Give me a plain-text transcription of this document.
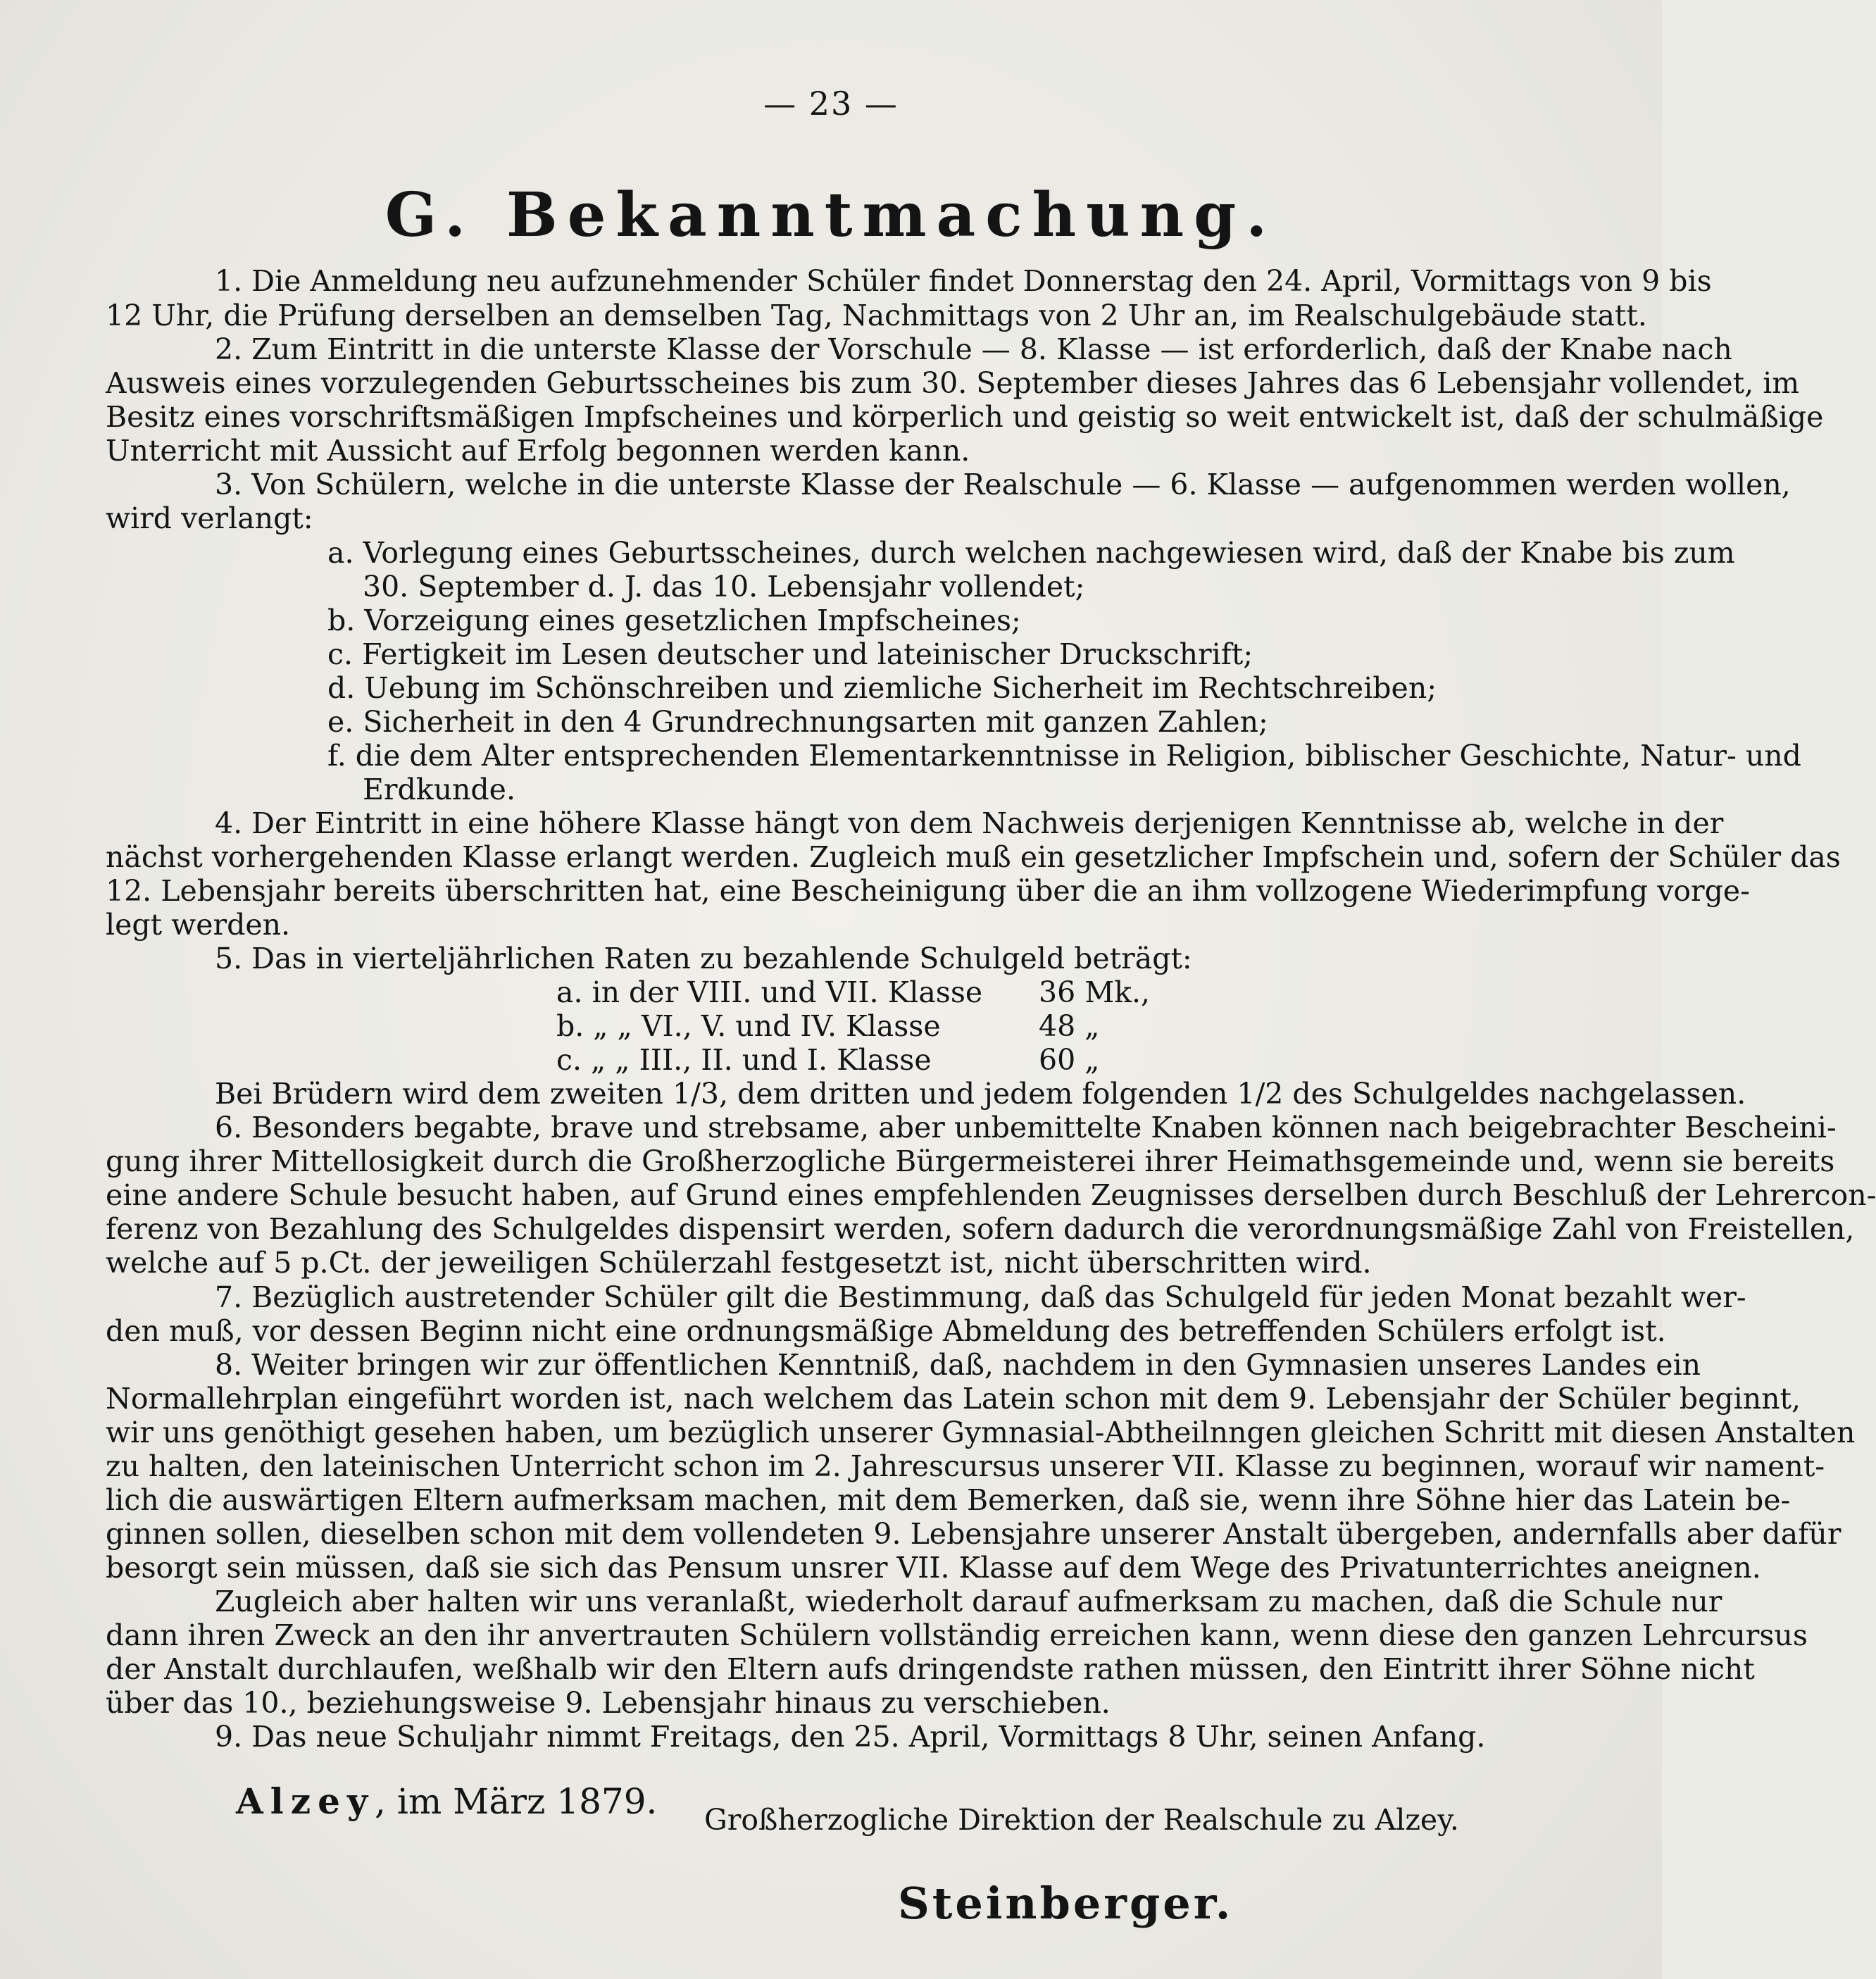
— 23 —
G. Bekanntmachung.
1. Die Anmeldung neu aufzunehmender Schüler findet Donnerstag den 24. April, Vormittags von 9 bis
12 Uhr, die Prüfung derselben an demselben Tag, Nachmittags von 2 Uhr an, im Realschulgebäude statt.
2. Zum Eintritt in die unterste Klasse der Vorschule — 8. Klasse — ist erforderlich, daß der Knabe nach
Ausweis eines vorzulegenden Geburtsscheines bis zum 30. September dieses Jahres das 6 Lebensjahr vollendet, im
Besitz eines vorschriftsmäßigen Impfscheines und körperlich und geistig so weit entwickelt ist, daß der schulmäßige
Unterricht mit Aussicht auf Erfolg begonnen werden kann.
3. Von Schülern, welche in die unterste Klasse der Realschule — 6. Klasse — aufgenommen werden wollen,
wird verlangt:
a. Vorlegung eines Geburtsscheines, durch welchen nachgewiesen wird, daß der Knabe bis zum
30. September d. J. das 10. Lebensjahr vollendet;
b. Vorzeigung eines gesetzlichen Impfscheines;
c. Fertigkeit im Lesen deutscher und lateinischer Druckschrift;
d. Uebung im Schönschreiben und ziemliche Sicherheit im Rechtschreiben;
e. Sicherheit in den 4 Grundrechnungsarten mit ganzen Zahlen;
f. die dem Alter entsprechenden Elementarkenntnisse in Religion, biblischer Geschichte, Natur- und
Erdkunde.
4. Der Eintritt in eine höhere Klasse hängt von dem Nachweis derjenigen Kenntnisse ab, welche in der
nächst vorhergehenden Klasse erlangt werden. Zugleich muß ein gesetzlicher Impfschein und, sofern der Schüler das
12. Lebensjahr bereits überschritten hat, eine Bescheinigung über die an ihm vollzogene Wiederimpfung vorge-
legt werden.
5. Das in vierteljährlichen Raten zu bezahlende Schulgeld beträgt:
a. in der VIII. und VII. Klasse 36 Mk.,
b. „ „ VI., V. und IV. Klasse	48 „
c. „ „ III., II. und I. Klasse	60 „
Bei Brüdern wird dem zweiten 1/3, dem dritten und jedem folgenden 1/2 des Schulgeldes nachgelassen.
6. Besonders begabte, brave und strebsame, aber unbemittelte Knaben können nach beigebrachter Bescheini-
gung ihrer Mittellosigkeit durch die Großherzogliche Bürgermeisterei ihrer Heimathsgemeinde und, wenn sie bereits
eine andere Schule besucht haben, auf Grund eines empfehlenden Zeugnisses derselben durch Beschluß der Lehrercon-
ferenz von Bezahlung des Schulgeldes dispensirt werden, sofern dadurch die verordnungsmäßige Zahl von Freistellen,
welche auf 5 p.Ct. der jeweiligen Schülerzahl festgesetzt ist, nicht überschritten wird.
7. Bezüglich austretender Schüler gilt die Bestimmung, daß das Schulgeld für jeden Monat bezahlt wer-
den muß, vor dessen Beginn nicht eine ordnungsmäßige Abmeldung des betreffenden Schülers erfolgt ist.
8. Weiter bringen wir zur öffentlichen Kenntniß, daß, nachdem in den Gymnasien unseres Landes ein
Normallehrplan eingeführt worden ist, nach welchem das Latein schon mit dem 9. Lebensjahr der Schüler beginnt,
wir uns genöthigt gesehen haben, um bezüglich unserer Gymnasial-Abtheilnngen gleichen Schritt mit diesen Anstalten
zu halten, den lateinischen Unterricht schon im 2. Jahrescursus unserer VII. Klasse zu beginnen, worauf wir nament-
lich die auswärtigen Eltern aufmerksam machen, mit dem Bemerken, daß sie, wenn ihre Söhne hier das Latein be-
ginnen sollen, dieselben schon mit dem vollendeten 9. Lebensjahre unserer Anstalt übergeben, andernfalls aber dafür
besorgt sein müssen, daß sie sich das Pensum unsrer VII. Klasse auf dem Wege des Privatunterrichtes aneignen.
Zugleich aber halten wir uns veranlaßt, wiederholt darauf aufmerksam zu machen, daß die Schule nur
dann ihren Zweck an den ihr anvertrauten Schülern vollständig erreichen kann, wenn diese den ganzen Lehrcursus
der Anstalt durchlaufen, weßhalb wir den Eltern aufs dringendste rathen müssen, den Eintritt ihrer Söhne nicht
über das 10., beziehungsweise 9. Lebensjahr hinaus zu verschieben.
9. Das neue Schuljahr nimmt Freitags, den 25. April, Vormittags 8 Uhr, seinen Anfang.
Alzey, im März 1879. Großherzogliche Direktion der Realschule zu Alzey.
Steinberger.
